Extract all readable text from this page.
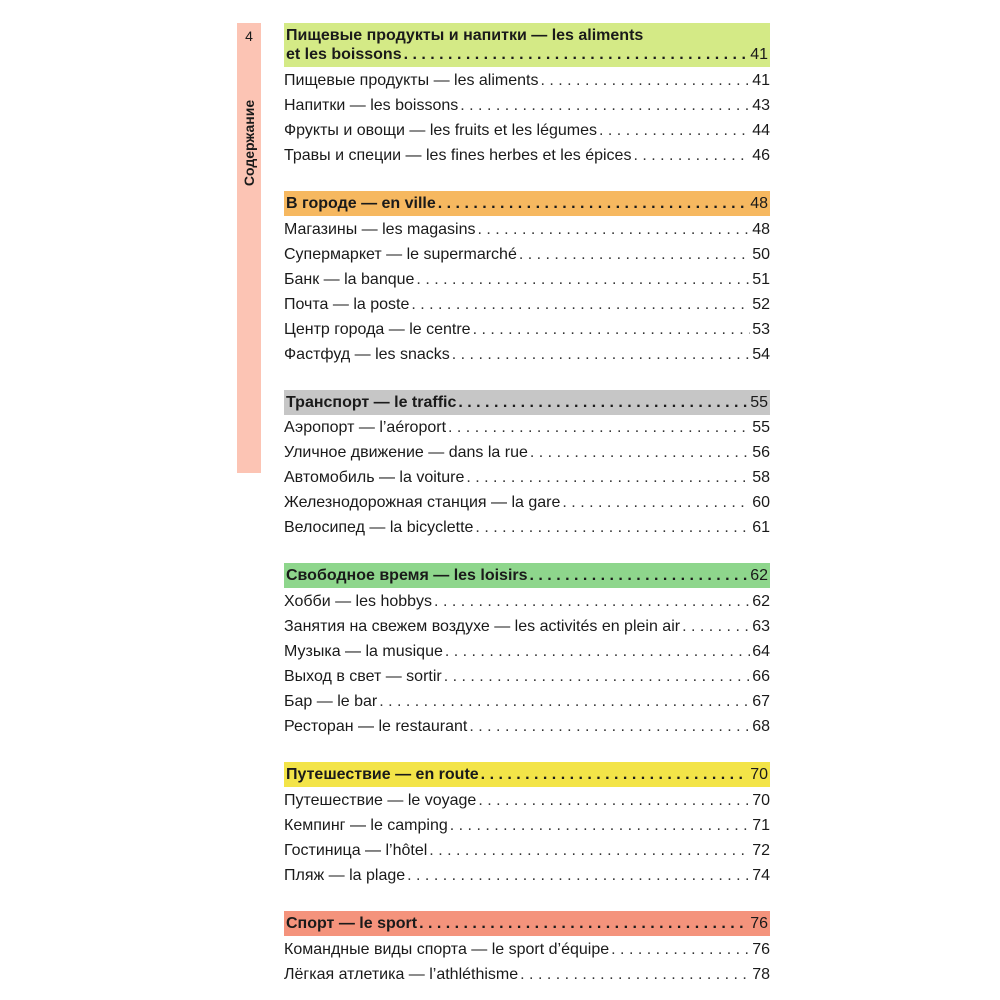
4
Содержание
Пищевые продукты и напитки — les aliments
et les boissons . . .	41
Пищевые продукты — les aliments . . .	41
Напитки — les boissons . . .	43
Фрукты и овощи — les fruits et les légumes . . .	44
Травы и специи — les fines herbes et les épices . . .	46
В городе — en ville . . .	48
Магазины — les magasins . . .	48
Супермаркет — le supermarché . . .	50
Банк — la banque . . .	51
Почта — la poste . . .	52
Центр города — le centre . . .	53
Фастфуд — les snacks . . .	54
Транспорт — le traffic . . .	55
Аэропорт — l’aéroport . . .	55
Уличное движение — dans la rue . . .	56
Автомобиль — la voiture . . .	58
Железнодорожная станция — la gare . . .	60
Велосипед — la bicyclette . . .	61
Свободное время — les loisirs . . .	62
Хобби — les hobbys . . .	62
Занятия на свежем воздухе — les activités en plein air . . .	63
Музыка — la musique . . .	64
Выход в свет — sortir . . .	66
Бар — le bar . . .	67
Ресторан — le restaurant . . .	68
Путешествие — en route . . .	70
Путешествие — le voyage . . .	70
Кемпинг — le camping . . .	71
Гостиница — l’hôtel . . .	72
Пляж — la plage . . .	74
Спорт — le sport . . .	76
Командные виды спорта — le sport d’équipe . . .	76
Лёгкая атлетика — l’athléthisme . . .	78
